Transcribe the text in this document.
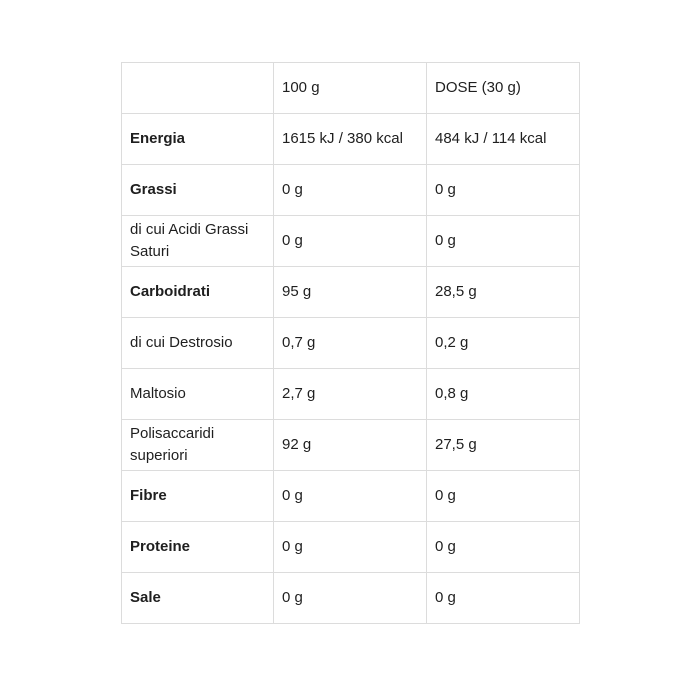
	100 g	DOSE (30 g)
Energia	1615 kJ / 380 kcal	484 kJ / 114 kcal
Grassi	0 g	0 g
di cui Acidi Grassi Saturi	0 g	0 g
Carboidrati	95 g	28,5 g
di cui Destrosio	0,7 g	0,2 g
Maltosio	2,7 g	0,8 g
Polisaccaridi superiori	92 g	27,5 g
Fibre	0 g	0 g
Proteine	0 g	0 g
Sale	0 g	0 g
